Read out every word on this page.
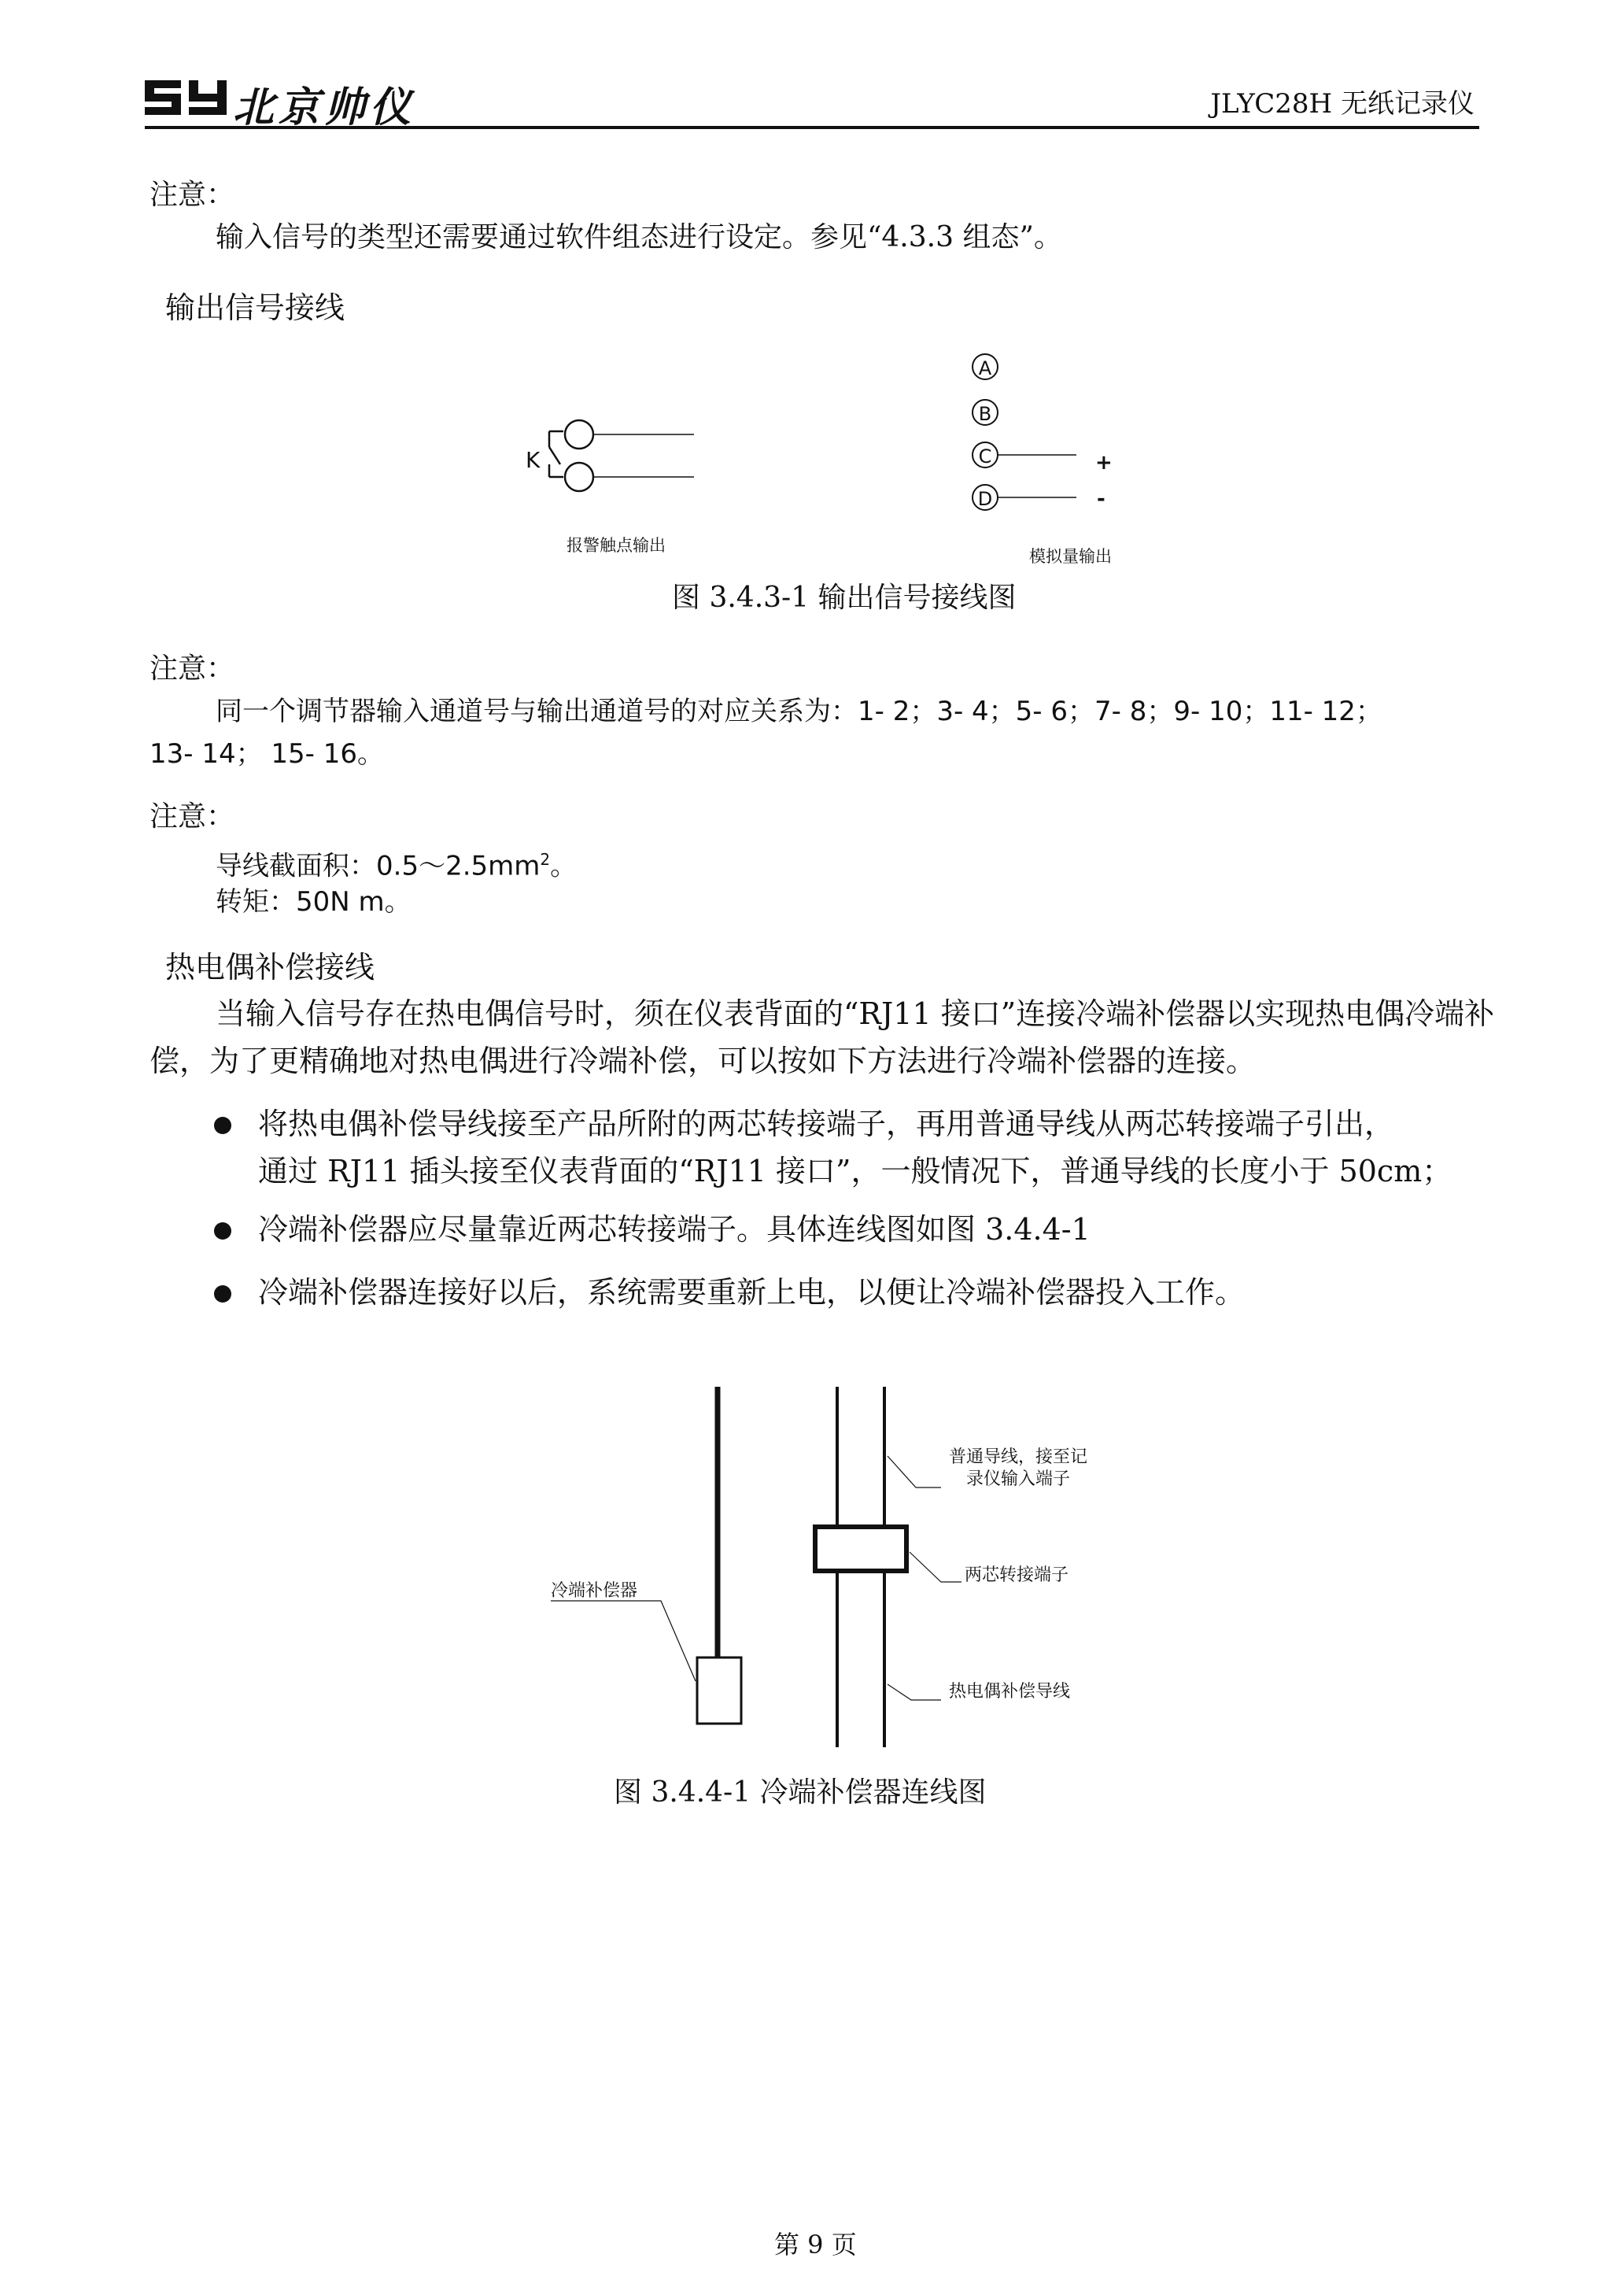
北京帅仪	JLYC28H 无纸记录仪
注意：
输入信号的类型还需要通过软件组态进行设定。参见“4.3.3 组态”。
输出信号接线
K
报警触点输出
A
B
C
D
+
-
模拟量输出
图 3.4.3-1 输出信号接线图
注意：
同一个调节器输入通道号与输出通道号的对应关系为：1- 2；3- 4；5- 6；7- 8；9- 10；11- 12；
13- 14； 15- 16。
注意：
导线截面积：$0.5\sim 2.5mm^2$。
转矩：50N m。
热电偶补偿接线
当输入信号存在热电偶信号时，须在仪表背面的“RJ11 接口”连接冷端补偿器以实现热电偶冷端补偿，为了更精确地对热电偶进行冷端补偿，可以按如下方法进行冷端补偿器的连接。
将热电偶补偿导线接至产品所附的两芯转接端子，再用普通导线从两芯转接端子引出，
通过 RJ11 插头接至仪表背面的“RJ11 接口”，一般情况下，普通导线的长度小于 50cm；
冷端补偿器应尽量靠近两芯转接端子。具体连线图如图 3.4.4-1
冷端补偿器连接好以后，系统需要重新上电，以便让冷端补偿器投入工作。
普通导线，接至记
录仪输入端子
两芯转接端子
热电偶补偿导线
冷端补偿器
图 3.4.4-1 冷端补偿器连线图
第 9 页
